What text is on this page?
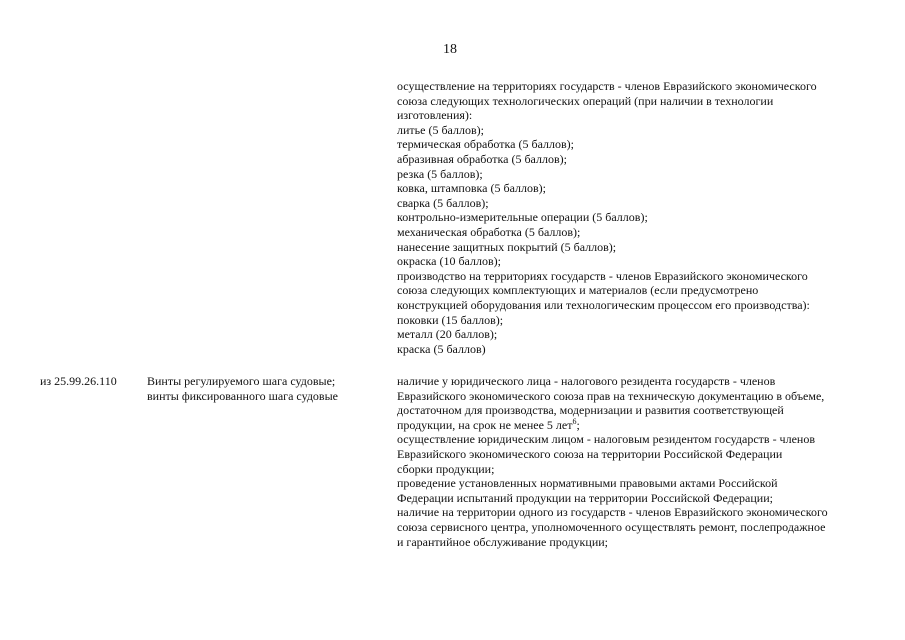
18
осуществление на территориях государств - членов Евразийского экономического
союза следующих технологических операций (при наличии в технологии
изготовления):
литье (5 баллов);
термическая обработка (5 баллов);
абразивная обработка (5 баллов);
резка (5 баллов);
ковка, штамповка (5 баллов);
сварка (5 баллов);
контрольно-измерительные операции (5 баллов);
механическая обработка (5 баллов);
нанесение защитных покрытий (5 баллов);
окраска (10 баллов);
производство на территориях государств - членов Евразийского экономического
союза следующих комплектующих и материалов (если предусмотрено
конструкцией оборудования или технологическим процессом его производства):
поковки (15 баллов);
металл (20 баллов);
краска (5 баллов)
из 25.99.26.110	Винты регулируемого шага судовые;
винты фиксированного шага судовые
наличие у юридического лица - налогового резидента государств - членов
Евразийского экономического союза прав на техническую документацию в объеме,
достаточном для производства, модернизации и развития соответствующей
продукции, на срок не менее 5 лет$^6$;
осуществление юридическим лицом - налоговым резидентом государств - членов
Евразийского экономического союза на территории Российской Федерации
сборки продукции;
проведение установленных нормативными правовыми актами Российской
Федерации испытаний продукции на территории Российской Федерации;
наличие на территории одного из государств - членов Евразийского экономического
союза сервисного центра, уполномоченного осуществлять ремонт, послепродажное
и гарантийное обслуживание продукции;
